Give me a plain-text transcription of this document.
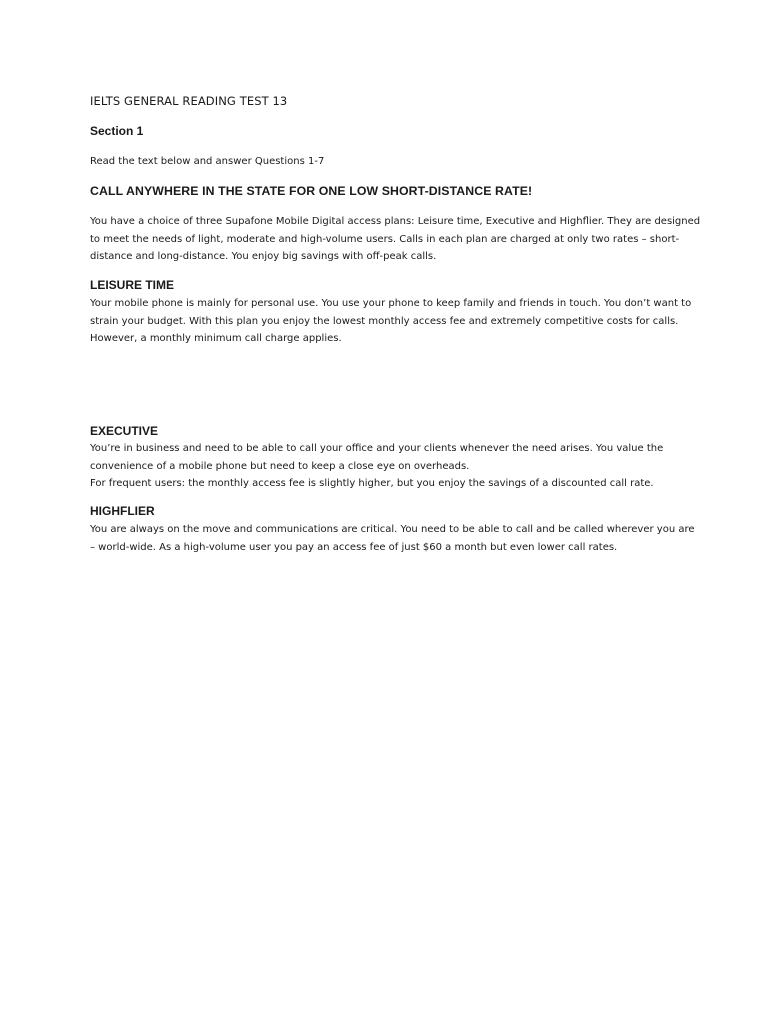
IELTS GENERAL READING TEST 13
Section 1
Read the text below and answer Questions 1-7
CALL ANYWHERE IN THE STATE FOR ONE LOW SHORT-DISTANCE RATE!
You have a choice of three Supafone Mobile Digital access plans: Leisure time, Executive and Highflier. They are designed
to meet the needs of light, moderate and high-volume users. Calls in each plan are charged at only two rates – short-
distance and long-distance. You enjoy big savings with off-peak calls.
LEISURE TIME
Your mobile phone is mainly for personal use. You use your phone to keep family and friends in touch. You don’t want to
strain your budget. With this plan you enjoy the lowest monthly access fee and extremely competitive costs for calls.
However, a monthly minimum call charge applies.
EXECUTIVE
You’re in business and need to be able to call your office and your clients whenever the need arises. You value the
convenience of a mobile phone but need to keep a close eye on overheads.
For frequent users: the monthly access fee is slightly higher, but you enjoy the savings of a discounted call rate.
HIGHFLIER
You are always on the move and communications are critical. You need to be able to call and be called wherever you are
– world-wide. As a high-volume user you pay an access fee of just $60 a month but even lower call rates.
